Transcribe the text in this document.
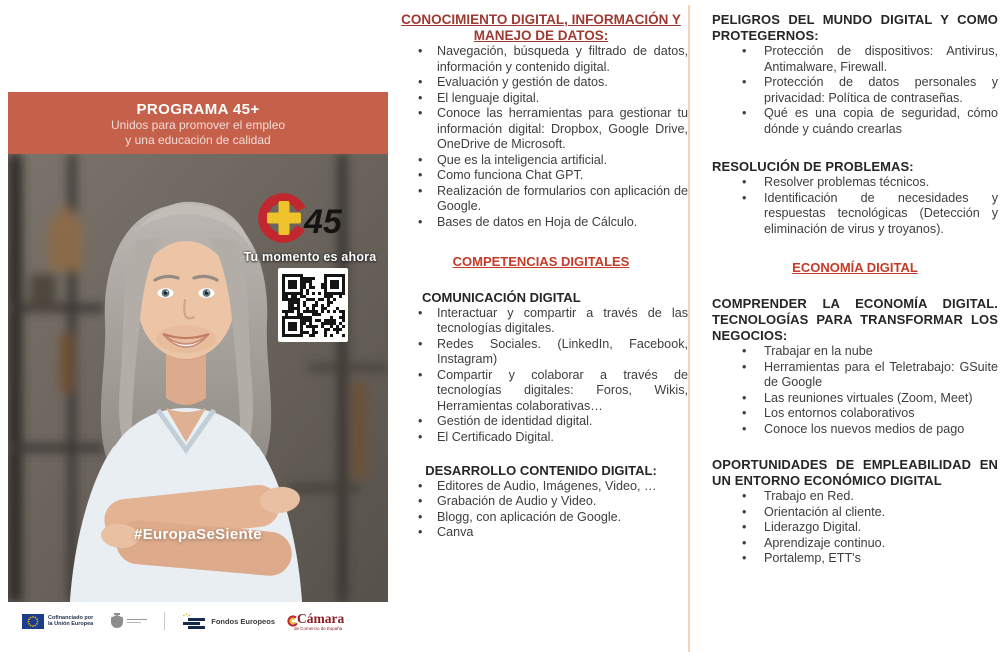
PROGRAMA 45+
Unidos para promover el empleo
y una educación de calidad
45
Tu momento es ahora
#EuropaSeSiente
Cofinanciado por
la Unión Europea	Fondos Europeos	Cámara
de Comercio de España
CONOCIMIENTO DIGITAL, INFORMACIÓN Y MANEJO DE DATOS:
• Navegación, búsqueda y filtrado de datos, información y contenido digital.
• Evaluación y gestión de datos.
• El lenguaje digital.
• Conoce las herramientas para gestionar tu información digital: Dropbox, Google Drive, OneDrive de Microsoft.
• Que es la inteligencia artificial.
• Como funciona Chat GPT.
• Realización de formularios con aplicación de Google.
• Bases de datos en Hoja de Cálculo.
COMPETENCIAS DIGITALES
COMUNICACIÓN DIGITAL
• Interactuar y compartir a través de las tecnologías digitales.
• Redes Sociales. (LinkedIn, Facebook, Instagram)
• Compartir y colaborar a través de tecnologías digitales: Foros, Wikis, Herramientas colaborativas…
• Gestión de identidad digital.
• El Certificado Digital.
DESARROLLO CONTENIDO DIGITAL:
• Editores de Audio, Imágenes, Video, …
• Grabación de Audio y Video.
• Blogg, con aplicación de Google.
• Canva
PELIGROS DEL MUNDO DIGITAL Y COMO PROTEGERNOS:
• Protección de dispositivos: Antivirus, Antimalware, Firewall.
• Protección de datos personales y privacidad: Política de contraseñas.
• Qué es una copia de seguridad, cómo dónde y cuándo crearlas
RESOLUCIÓN DE PROBLEMAS:
• Resolver problemas técnicos.
• Identificación de necesidades y respuestas tecnológicas (Detección y eliminación de virus y troyanos).
ECONOMÍA DIGITAL
COMPRENDER LA ECONOMÍA DIGITAL. TECNOLOGÍAS PARA TRANSFORMAR LOS NEGOCIOS:
• Trabajar en la nube
• Herramientas para el Teletrabajo: GSuite de Google
• Las reuniones virtuales (Zoom, Meet)
• Los entornos colaborativos
• Conoce los nuevos medios de pago
OPORTUNIDADES DE EMPLEABILIDAD EN UN ENTORNO ECONÓMICO DIGITAL
• Trabajo en Red.
• Orientación al cliente.
• Liderazgo Digital.
• Aprendizaje continuo.
• Portalemp, ETT's
